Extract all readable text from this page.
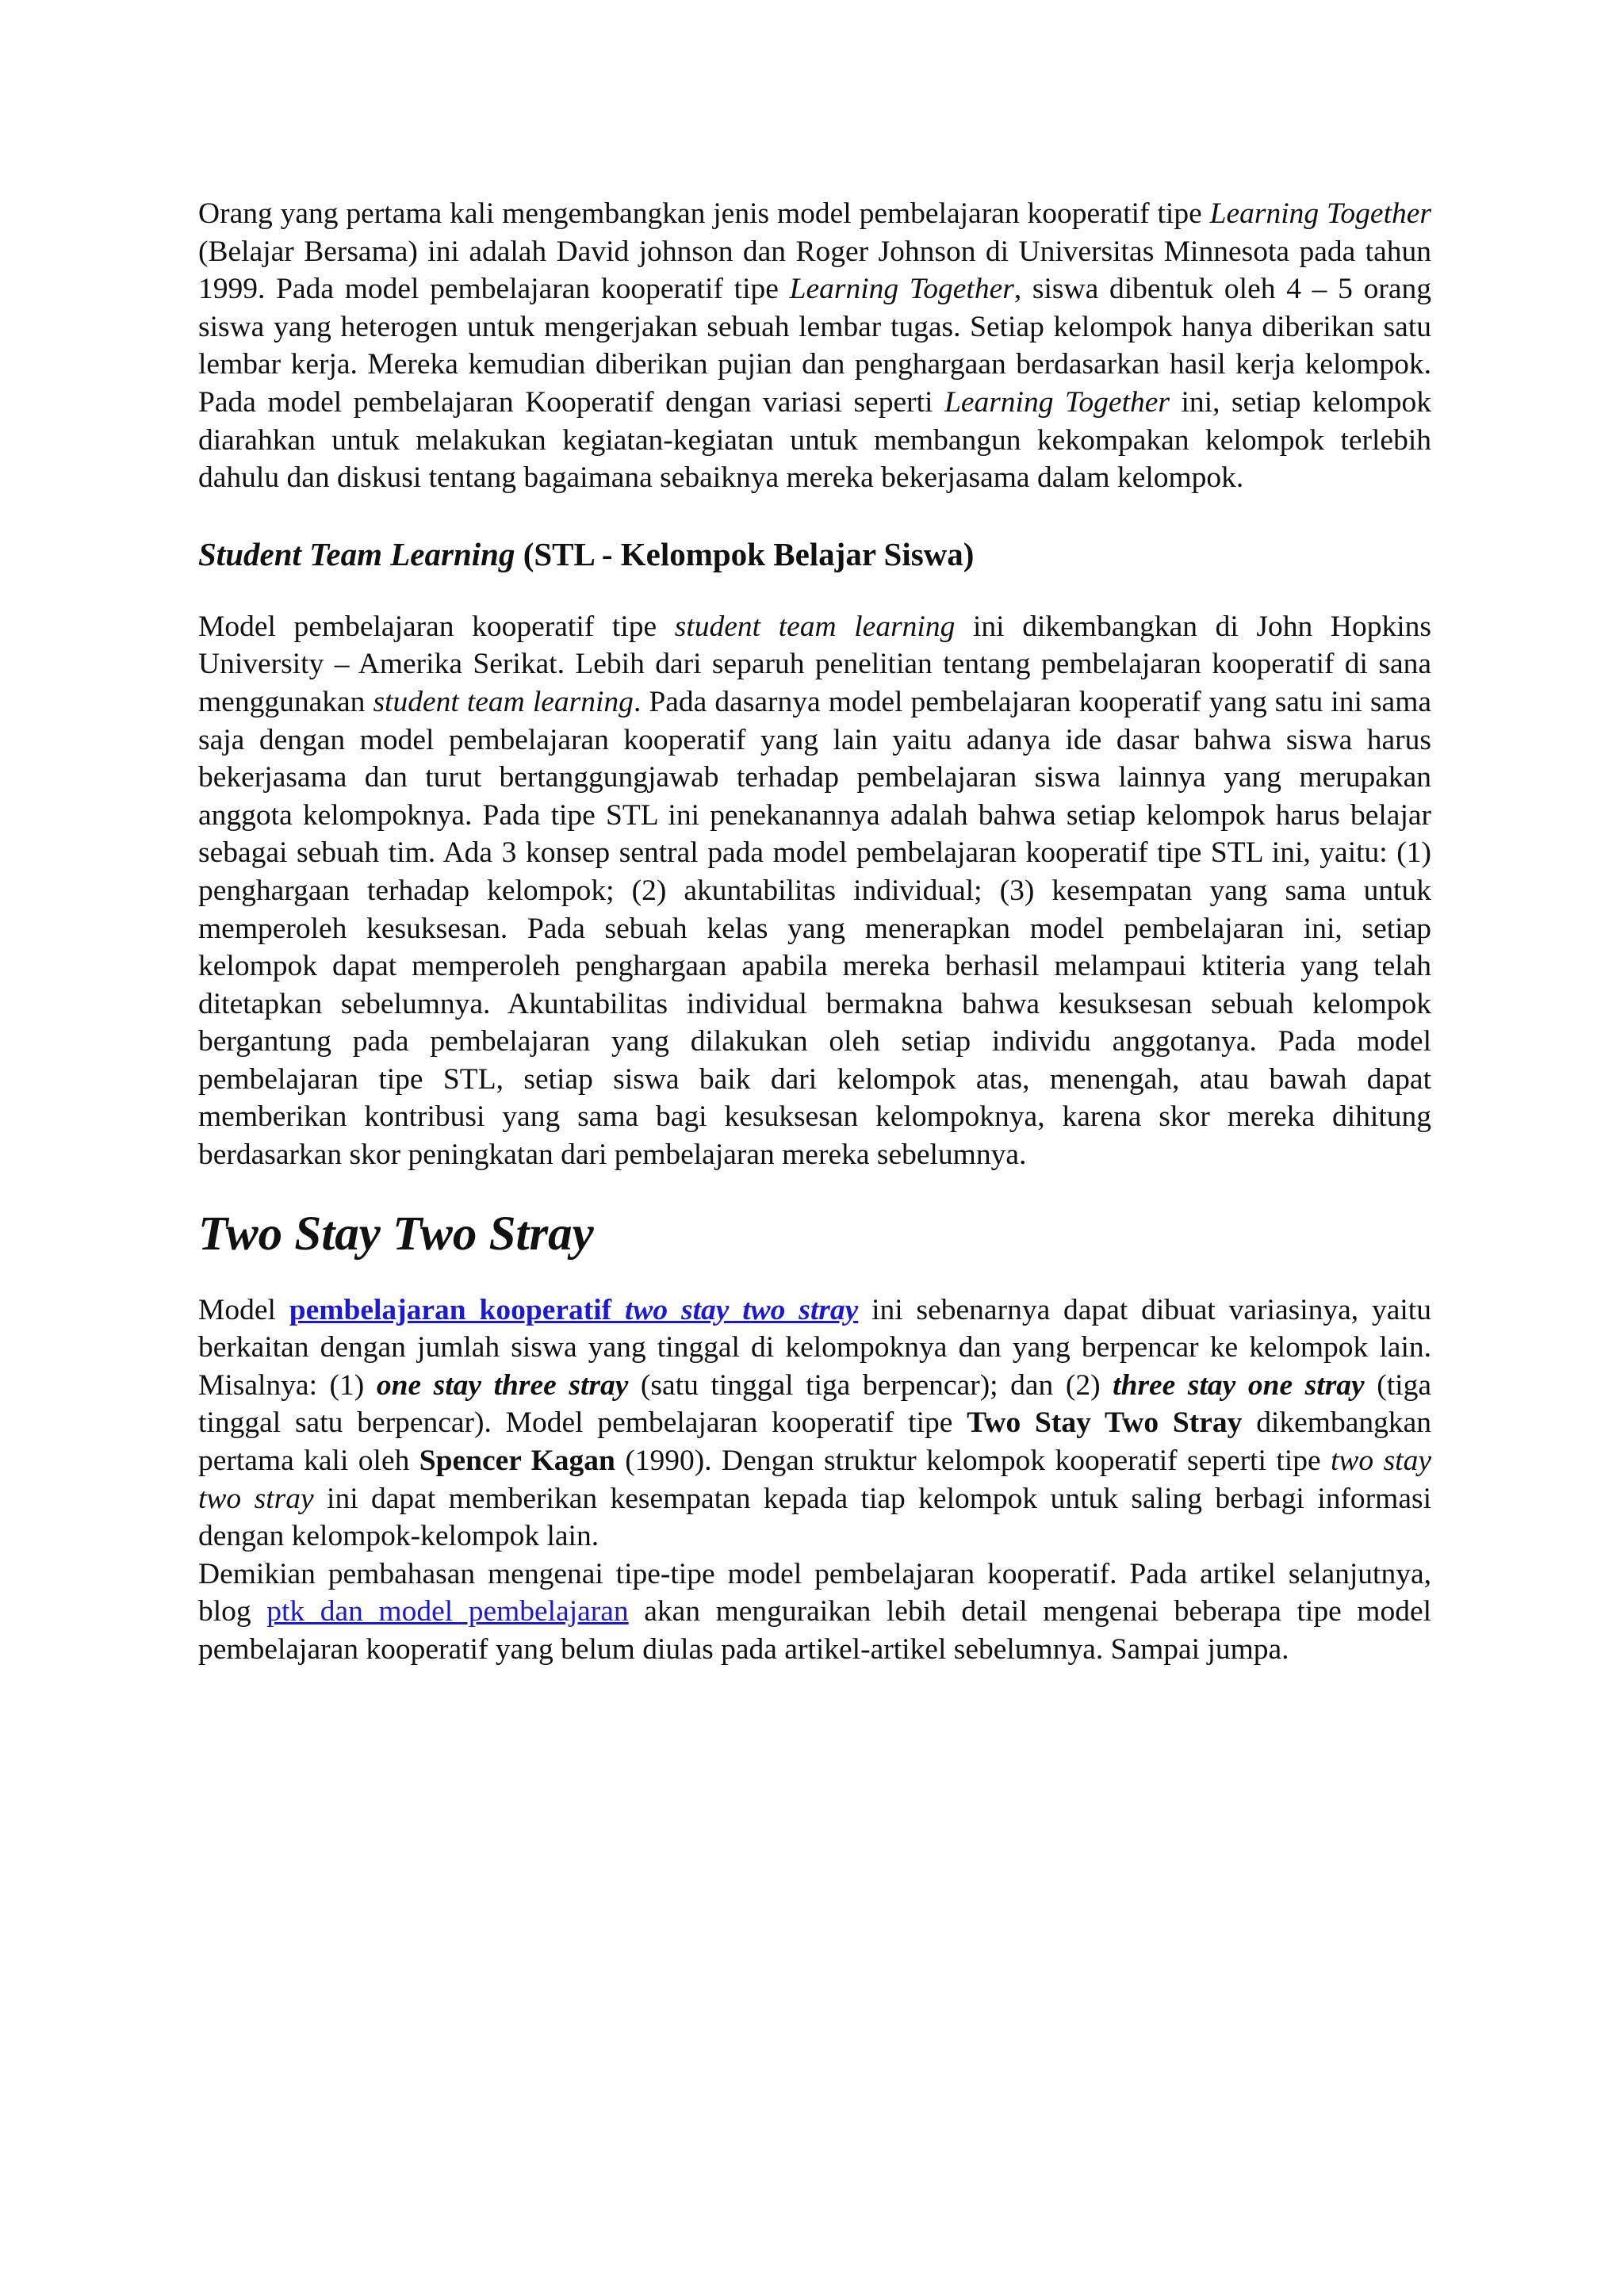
Orang yang pertama kali mengembangkan jenis model pembelajaran kooperatif tipe Learning Together (Belajar Bersama) ini adalah David johnson dan Roger Johnson di Universitas Minnesota pada tahun 1999. Pada model pembelajaran kooperatif tipe Learning Together, siswa dibentuk oleh 4 – 5 orang siswa yang heterogen untuk mengerjakan sebuah lembar tugas. Setiap kelompok hanya diberikan satu lembar kerja. Mereka kemudian diberikan pujian dan penghargaan berdasarkan hasil kerja kelompok. Pada model pembelajaran Kooperatif dengan variasi seperti Learning Together ini, setiap kelompok diarahkan untuk melakukan kegiatan-kegiatan untuk membangun kekompakan kelompok terlebih dahulu dan diskusi tentang bagaimana sebaiknya mereka bekerjasama dalam kelompok.

Student Team Learning (STL - Kelompok Belajar Siswa)

Model pembelajaran kooperatif tipe student team learning ini dikembangkan di John Hopkins University – Amerika Serikat. Lebih dari separuh penelitian tentang pembelajaran kooperatif di sana menggunakan student team learning. Pada dasarnya model pembelajaran kooperatif yang satu ini sama saja dengan model pembelajaran kooperatif yang lain yaitu adanya ide dasar bahwa siswa harus bekerjasama dan turut bertanggungjawab terhadap pembelajaran siswa lainnya yang merupakan anggota kelompoknya. Pada tipe STL ini penekanannya adalah bahwa setiap kelompok harus belajar sebagai sebuah tim. Ada 3 konsep sentral pada model pembelajaran kooperatif tipe STL ini, yaitu: (1) penghargaan terhadap kelompok; (2) akuntabilitas individual; (3) kesempatan yang sama untuk memperoleh kesuksesan. Pada sebuah kelas yang menerapkan model pembelajaran ini, setiap kelompok dapat memperoleh penghargaan apabila mereka berhasil melampaui ktiteria yang telah ditetapkan sebelumnya. Akuntabilitas individual bermakna bahwa kesuksesan sebuah kelompok bergantung pada pembelajaran yang dilakukan oleh setiap individu anggotanya. Pada model pembelajaran tipe STL, setiap siswa baik dari kelompok atas, menengah, atau bawah dapat memberikan kontribusi yang sama bagi kesuksesan kelompoknya, karena skor mereka dihitung berdasarkan skor peningkatan dari pembelajaran mereka sebelumnya.

Two Stay Two Stray

Model pembelajaran kooperatif two stay two stray ini sebenarnya dapat dibuat variasinya, yaitu berkaitan dengan jumlah siswa yang tinggal di kelompoknya dan yang berpencar ke kelompok lain. Misalnya: (1) one stay three stray (satu tinggal tiga berpencar); dan (2) three stay one stray (tiga tinggal satu berpencar). Model pembelajaran kooperatif tipe Two Stay Two Stray dikembangkan pertama kali oleh Spencer Kagan (1990). Dengan struktur kelompok kooperatif seperti tipe two stay two stray ini dapat memberikan kesempatan kepada tiap kelompok untuk saling berbagi informasi dengan kelompok-kelompok lain.

Demikian pembahasan mengenai tipe-tipe model pembelajaran kooperatif. Pada artikel selanjutnya, blog ptk dan model pembelajaran akan menguraikan lebih detail mengenai beberapa tipe model pembelajaran kooperatif yang belum diulas pada artikel-artikel sebelumnya. Sampai jumpa.
